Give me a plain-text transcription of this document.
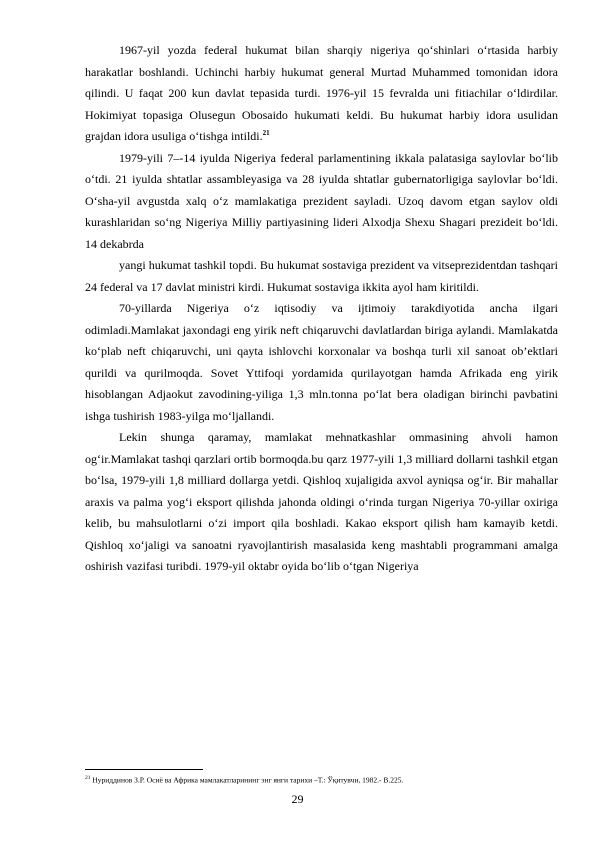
1967-yil yozda federal hukumat bilan sharqiy nigeriya qo‘shinlari o‘rtasida harbiy harakatlar boshlandi. Uchinchi harbiy hukumat general Murtad Muhammed tomonidan idora qilindi. U faqat 200 kun davlat tepasida turdi. 1976-yil 15 fevralda uni fitiachilar o‘ldirdilar. Hokimiyat topasiga Olusegun Obosaido hukumati keldi. Bu hukumat harbiy idora usulidan grajdan idora usuliga o‘tishga intildi.$^{21}$

1979-yili 7–-14 iyulda Nigeriya federal parlamentining ikkala palatasiga saylovlar bo‘lib o‘tdi. 21 iyulda shtatlar assambleyasiga va 28 iyulda shtatlar gubernatorligiga saylovlar bo‘ldi. O‘sha-yil avgustda xalq o‘z mamlakatiga prezident sayladi. Uzoq davom etgan saylov oldi kurashlaridan so‘ng Nigeriya Milliy partiyasining lideri Alxodja Shexu Shagari prezideit bo‘ldi. 14 dekabrda

yangi hukumat tashkil topdi. Bu hukumat sostaviga prezident va vitseprezidentdan tashqari 24 federal va 17 davlat ministri kirdi. Hukumat sostaviga ikkita ayol ham kiritildi.

70-yillarda Nigeriya o‘z iqtisodiy va ijtimoiy tarakdiyotida ancha ilgari odimladi.Mamlakat jaxondagi eng yirik neft chiqaruvchi davlatlardan biriga aylandi. Mamlakatda ko‘plab neft chiqaruvchi, uni qayta ishlovchi korxonalar va boshqa turli xil sanoat ob’ektlari qurildi va qurilmoqda. Sovet Yttifoqi yordamida qurilayotgan hamda Afrikada eng yirik hisoblangan Adjaokut zavodining-yiliga 1,3 mln.tonna po‘lat bera oladigan birinchi pavbatini ishga tushirish 1983-yilga mo‘ljallandi.

Lekin shunga qaramay, mamlakat mehnatkashlar ommasining ahvoli hamon og‘ir.Mamlakat tashqi qarzlari ortib bormoqda.bu qarz 1977-yili 1,3 milliard dollarni tashkil etgan bo‘lsa, 1979-yili 1,8 milliard dollarga yetdi. Qishloq xujaligida axvol ayniqsa og‘ir. Bir mahallar araxis va palma yog‘i eksport qilishda jahonda oldingi o‘rinda turgan Nigeriya 70-yillar oxiriga kelib, bu mahsulotlarni o‘zi import qila boshladi. Kakao eksport qilish ham kamayib ketdi. Qishloq xo‘jaligi va sanoatni ryavojlantirish masalasida keng mashtabli programmani amalga oshirish vazifasi turibdi. 1979-yil oktabr oyida bo‘lib o‘tgan Nigeriya

$^{21}$ Нуриддинов З.Р. Осиё ва Африка мамлакатларининг энг янги тарихи –Т.: Ўқитувчи, 1982.- В.225.
29
